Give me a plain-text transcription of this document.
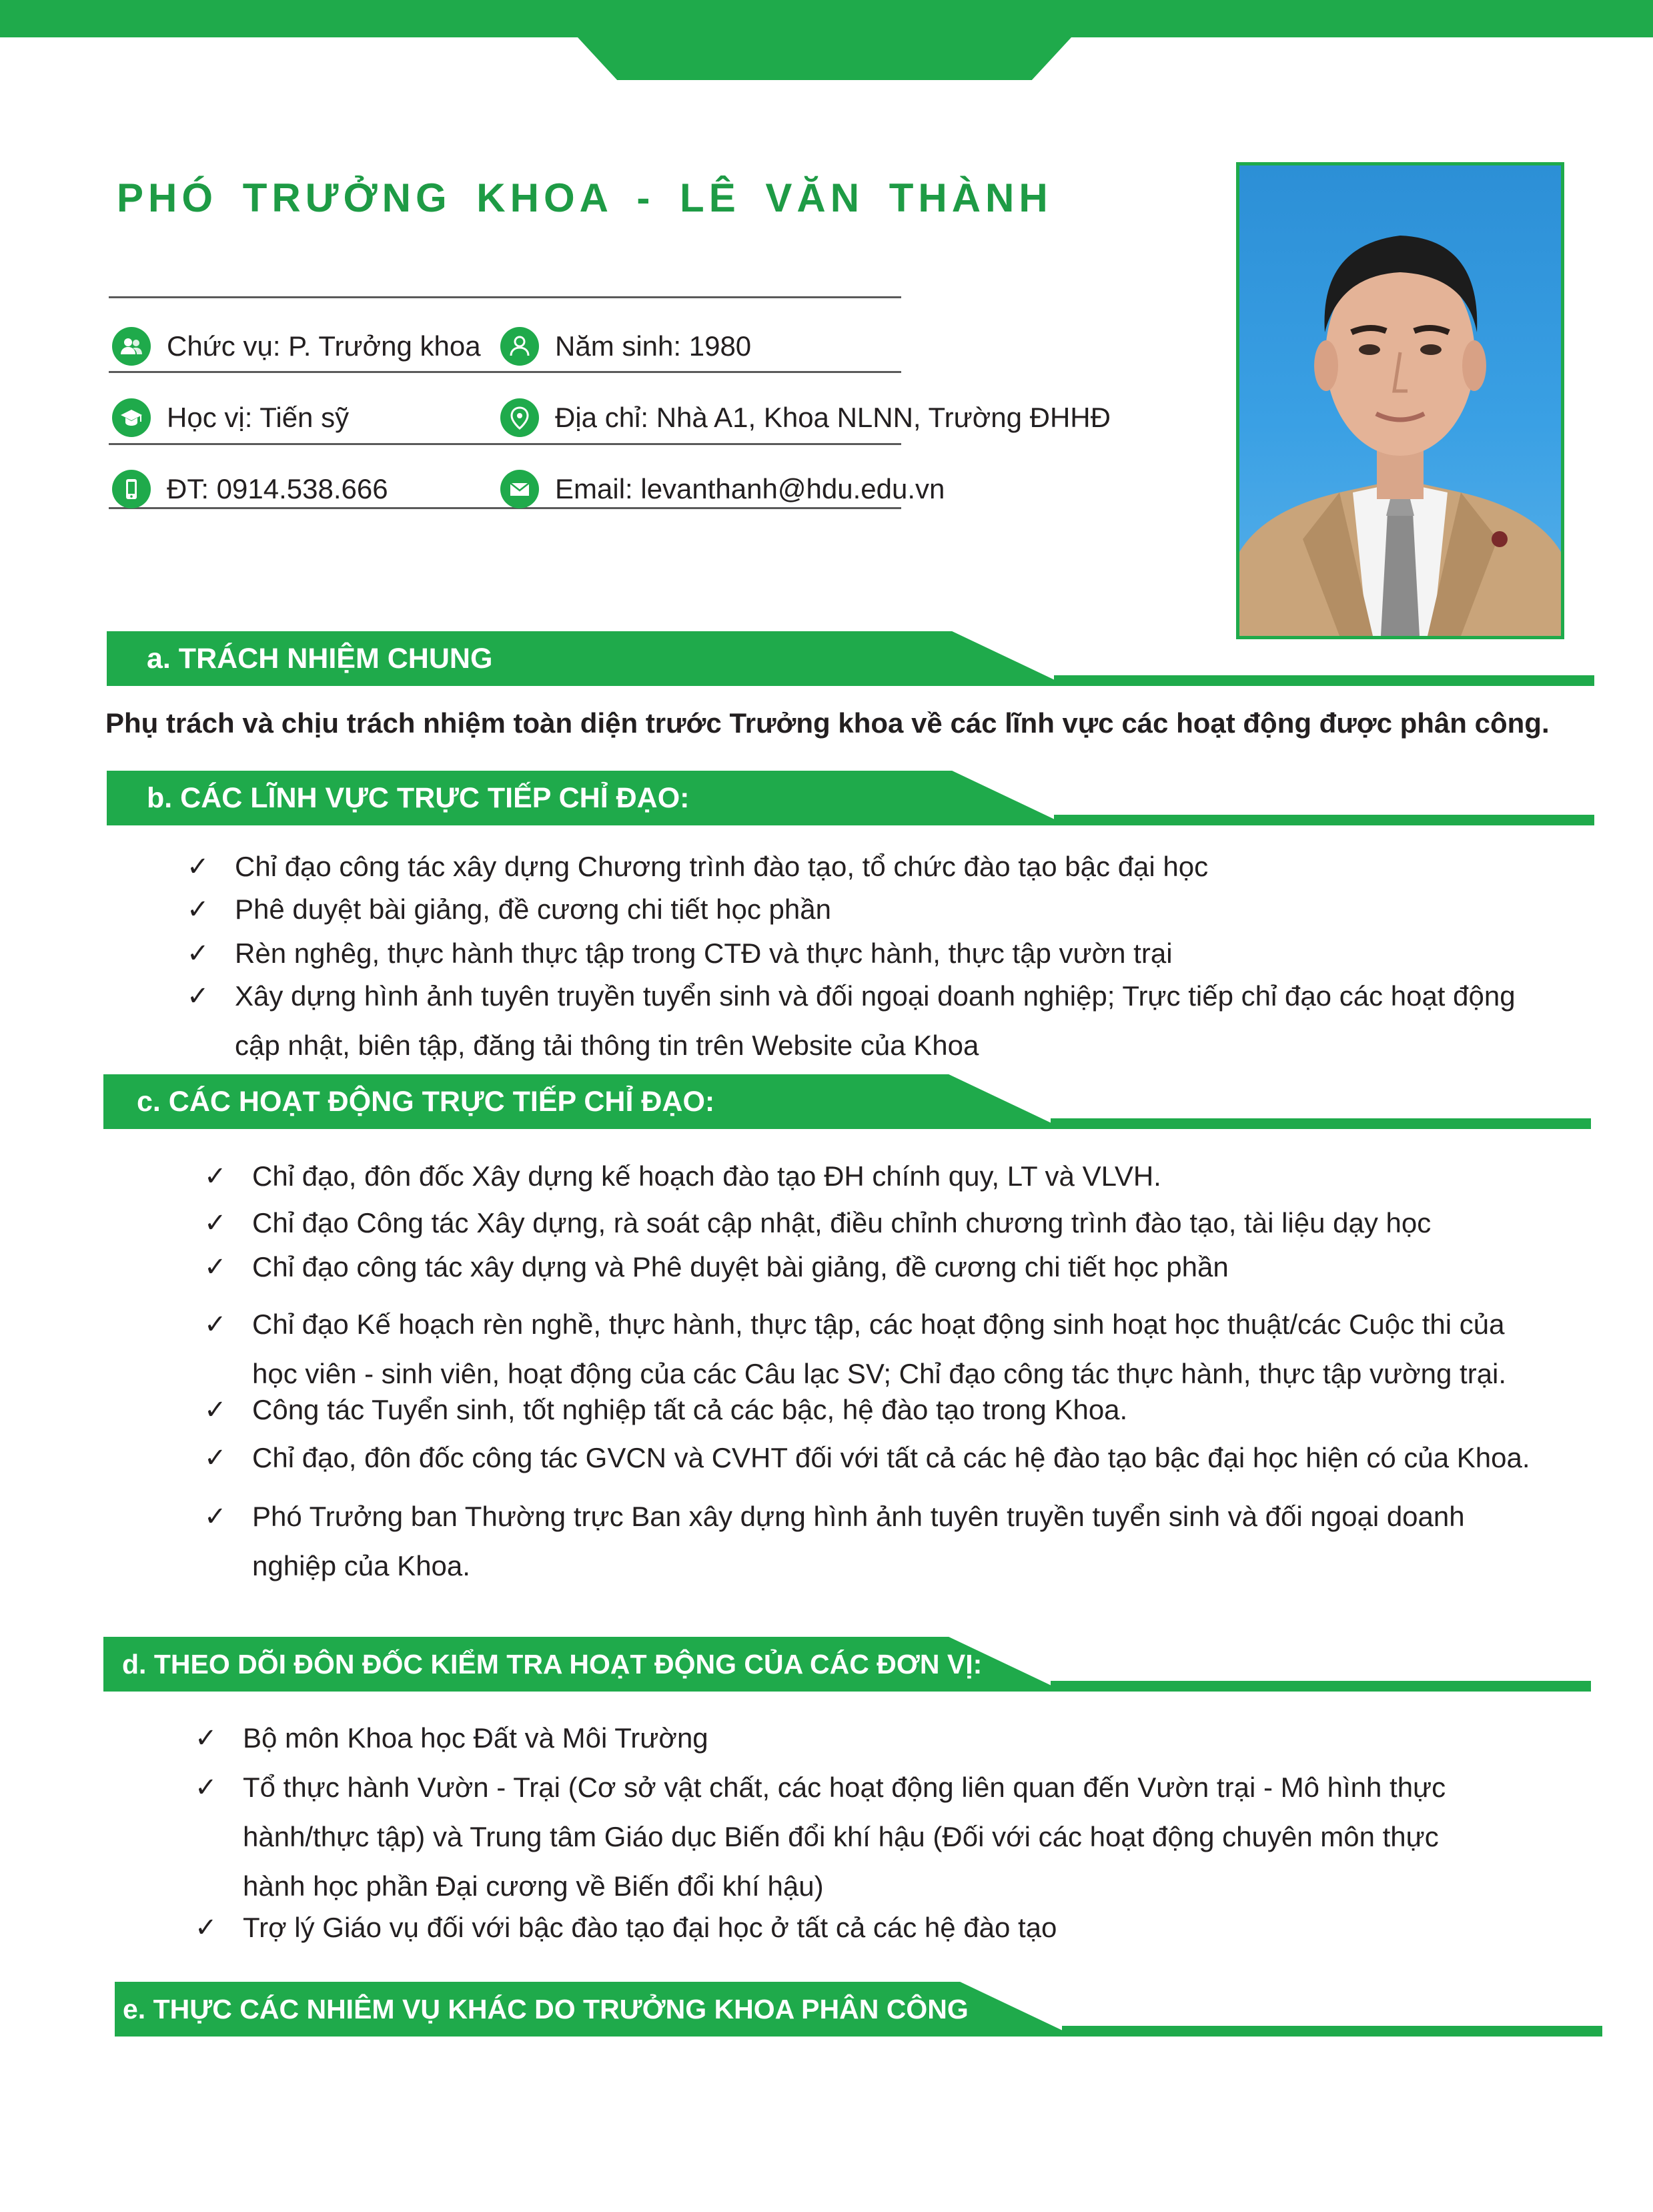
PHÓ TRƯỞNG KHOA - LÊ VĂN THÀNH
Chức vụ: P. Trưởng khoa	Năm sinh: 1980
Học vị: Tiến sỹ	Địa chỉ: Nhà A1, Khoa NLNN, Trường ĐHHĐ
ĐT: 0914.538.666	Email: levanthanh@hdu.edu.vn
a. TRÁCH NHIỆM CHUNG
Phụ trách và chịu trách nhiệm toàn diện trước Trưởng khoa về các lĩnh vực các hoạt động được phân công.
b. CÁC LĨNH VỰC TRỰC TIẾP CHỈ ĐẠO:
✓ Chỉ đạo công tác xây dựng Chương trình đào tạo, tổ chức đào tạo bậc đại học
✓ Phê duyệt bài giảng, đề cương chi tiết học phần
✓ Rèn nghêg, thực hành thực tập trong CTĐ và thực hành, thực tập vườn trại
✓ Xây dựng hình ảnh tuyên truyền tuyển sinh và đối ngoại doanh nghiệp; Trực tiếp chỉ đạo các hoạt động
cập nhật, biên tập, đăng tải thông tin trên Website của Khoa
c. CÁC HOẠT ĐỘNG TRỰC TIẾP CHỈ ĐẠO:
✓ Chỉ đạo, đôn đốc Xây dựng kế hoạch đào tạo ĐH chính quy, LT và VLVH.
✓ Chỉ đạo Công tác Xây dựng, rà soát cập nhật, điều chỉnh chương trình đào tạo, tài liệu dạy học
✓ Chỉ đạo công tác xây dựng và Phê duyệt bài giảng, đề cương chi tiết học phần
✓ Chỉ đạo Kế hoạch rèn nghề, thực hành, thực tập, các hoạt động sinh hoạt học thuật/các Cuộc thi của
học viên - sinh viên, hoạt động của các Câu lạc SV; Chỉ đạo công tác thực hành, thực tập vường trại.
✓ Công tác Tuyển sinh, tốt nghiệp tất cả các bậc, hệ đào tạo trong Khoa.
✓ Chỉ đạo, đôn đốc công tác GVCN và CVHT đối với tất cả các hệ đào tạo bậc đại học hiện có của Khoa.
✓ Phó Trưởng ban Thường trực Ban xây dựng hình ảnh tuyên truyền tuyển sinh và đối ngoại doanh
nghiệp của Khoa.
d. THEO DÕI ĐÔN ĐỐC KIỂM TRA HOẠT ĐỘNG CỦA CÁC ĐƠN VỊ:
✓ Bộ môn Khoa học Đất và Môi Trường
✓ Tổ thực hành Vườn - Trại (Cơ sở vật chất, các hoạt động liên quan đến Vườn trại - Mô hình thực
hành/thực tập) và Trung tâm Giáo dục Biến đổi khí hậu (Đối với các hoạt động chuyên môn thực
hành học phần Đại cương về Biến đổi khí hậu)
✓ Trợ lý Giáo vụ đối với bậc đào tạo đại học ở tất cả các hệ đào tạo
e. THỰC CÁC NHIÊM VỤ KHÁC DO TRƯỞNG KHOA PHÂN CÔNG
